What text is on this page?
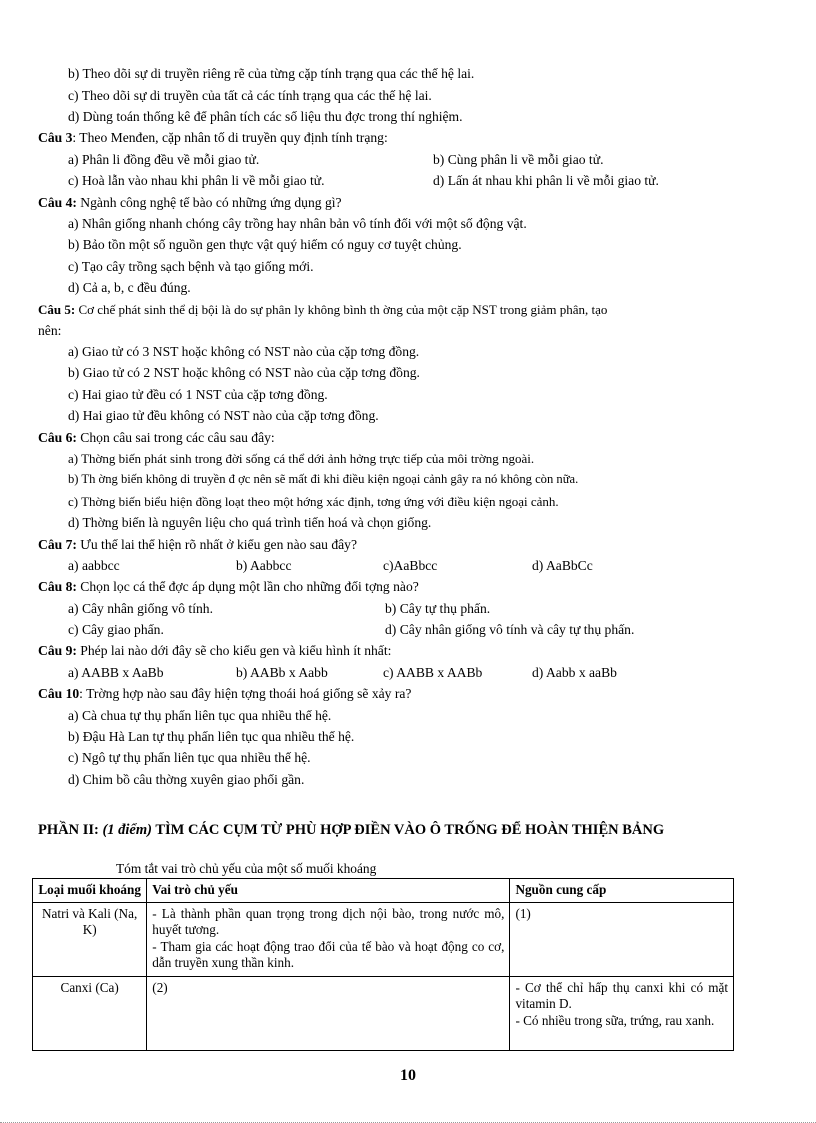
b) Theo dõi sự di truyền riêng rẽ của từng cặp tính trạng qua các thế hệ lai.
c) Theo dõi sự di truyền của tất cả các tính trạng qua các thế hệ lai.
d) Dùng toán thống kê để phân tích các số liệu thu đợc trong thí nghiệm.
Câu 3: Theo Menđen, cặp nhân tố di truyền quy định tính trạng:
a) Phân li đồng đều về mỗi giao tử.	b) Cùng phân li về mỗi giao tử.
c) Hoà lẫn vào nhau khi phân li về mỗi giao tử.	d) Lấn át nhau khi phân li về mỗi giao tử.
Câu 4: Ngành công nghệ tế bào có những ứng dụng gì?
a) Nhân giống nhanh chóng cây trồng hay nhân bản vô tính đối với một số động vật.
b) Bảo tồn một số nguồn gen thực vật quý hiếm có nguy cơ tuyệt chủng.
c) Tạo cây trồng sạch bệnh và tạo giống mới.
d) Cả a, b, c đều đúng.
Câu 5: Cơ chế phát sinh thể dị bội là do sự phân ly không bình th ờng của một cặp NST trong giảm phân, tạo
nên:
a) Giao tử có 3 NST hoặc không có NST nào của cặp tơng đồng.
b) Giao tử có 2 NST hoặc không có NST nào của cặp tơng đồng.
c) Hai giao tử đều có 1 NST của cặp tơng đồng.
d) Hai giao tử đều không có NST nào của cặp tơng đồng.
Câu 6: Chọn câu sai trong các câu sau đây:
a) Thờng biến phát sinh trong đời sống cá thể dới ảnh hởng trực tiếp của môi trờng ngoài.
b) Th ờng biến không di truyền đ ợc nên sẽ mất đi khi điều kiện ngoại cảnh gây ra nó không còn nữa.
c) Thờng biến biểu hiện đồng loạt theo một hớng xác định, tơng ứng với điều kiện ngoại cảnh.
d) Thờng biến là nguyên liệu cho quá trình tiến hoá và chọn giống.
Câu 7: Ưu thế lai thể hiện rõ nhất ở kiểu gen nào sau đây?
a) aabbcc	b) Aabbcc	c)AaBbcc	d) AaBbCc
Câu 8: Chọn lọc cá thể đợc áp dụng một lần cho những đối tợng nào?
a) Cây nhân giống vô tính.	b) Cây tự thụ phấn.
c) Cây giao phấn.	d) Cây nhân giống vô tính và cây tự thụ phấn.
Câu 9: Phép lai nào dới đây sẽ cho kiểu gen và kiểu hình ít nhất:
a) AABB x AaBb	b) AABb x Aabb	c) AABB x AABb	d) Aabb x aaBb
Câu 10: Trờng hợp nào sau đây hiện tợng thoái hoá giống sẽ xảy ra?
a) Cà chua tự thụ phấn liên tục qua nhiều thế hệ.
b) Đậu Hà Lan tự thụ phấn liên tục qua nhiều thế hệ.
c) Ngô tự thụ phấn liên tục qua nhiều thế hệ.
d) Chim bồ câu thờng xuyên giao phối gần.
PHẦN II: (1 điểm) TÌM CÁC CỤM TỪ PHÙ HỢP ĐIỀN VÀO Ô TRỐNG ĐỂ HOÀN THIỆN BẢNG
Tóm tắt vai trò chủ yếu của một số muối khoáng
Loại muối khoáng	Vai trò chủ yếu	Nguồn cung cấp
Natri và Kali (Na, K)	- Là thành phần quan trọng trong dịch nội bào, trong nước mô, huyết tương.
- Tham gia các hoạt động trao đổi của tế bào và hoạt động co cơ, dẫn truyền xung thần kinh.	(1)

Canxi (Ca)	(2)	- Cơ thể chỉ hấp thụ canxi khi có mặt vitamin D.
- Có nhiều trong sữa, trứng, rau xanh.
10
